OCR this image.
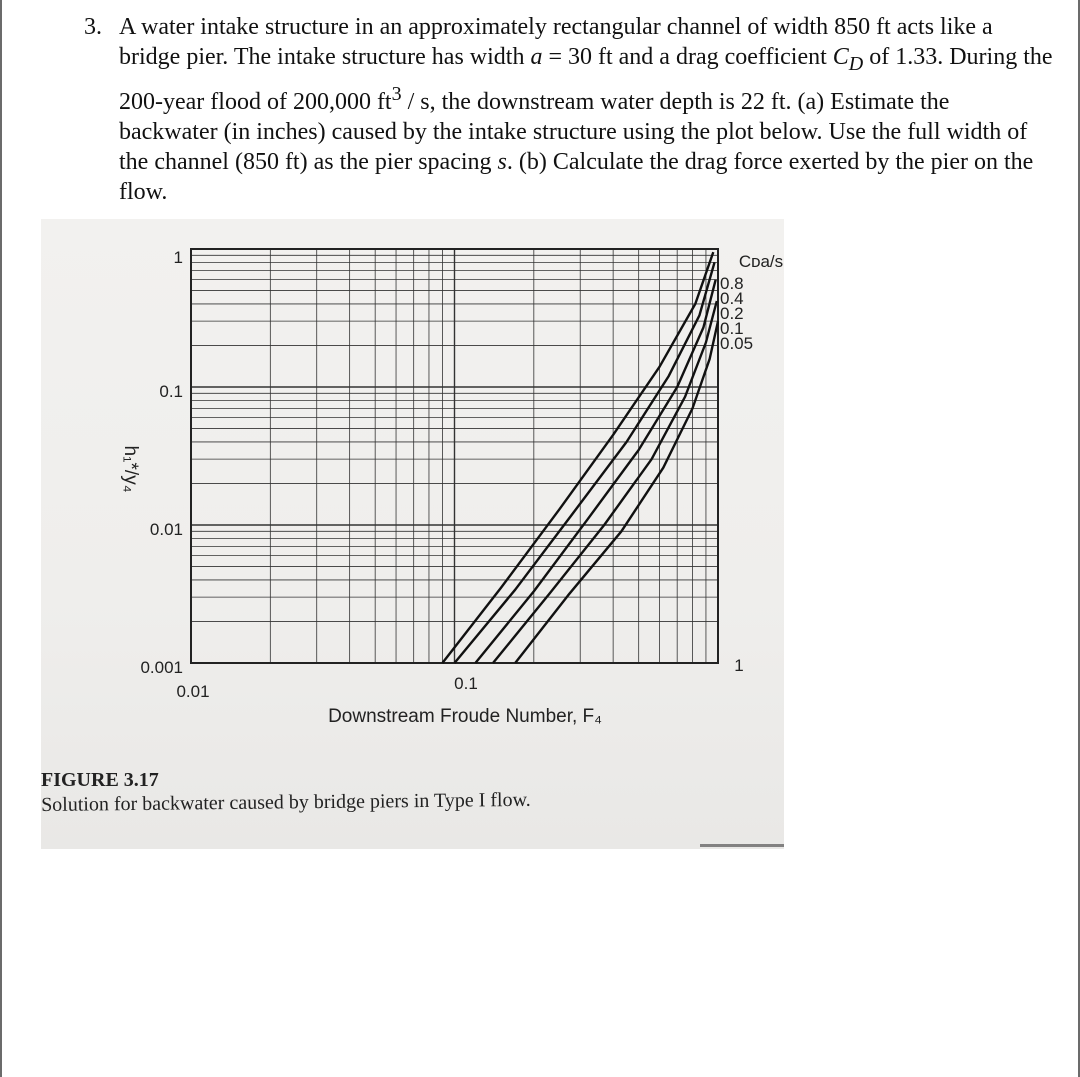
3. A water intake structure in an approximately rectangular channel of width 850 ft acts like a bridge pier. The intake structure has width a = 30 ft and a drag coefficient $C_D$ of 1.33. During the 200-year flood of 200,000 $ft^3$ / s, the downstream water depth is 22 ft. (a) Estimate the backwater (in inches) caused by the intake structure using the plot below. Use the full width of the channel (850 ft) as the pier spacing s. (b) Calculate the drag force exerted by the pier on the flow.
1
0.1
0.01
0.001
0.01	0.1
1
Downstream Froude Number, F₄
h₁*/y₄
Cᴅa/s
0.8
0.4
0.2
0.1
0.05
FIGURE 3.17
Solution for backwater caused by bridge piers in Type I flow.
